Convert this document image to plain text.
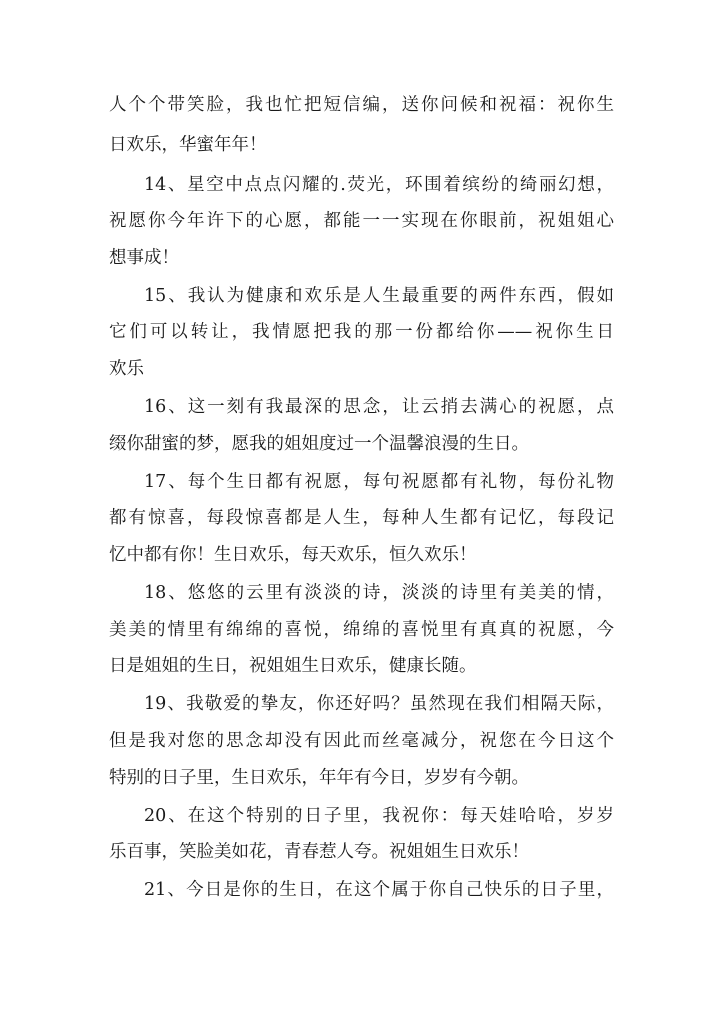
人个个带笑脸，我也忙把短信编，送你问候和祝福：祝你生
日欢乐，华蜜年年！
14、星空中点点闪耀的.荧光，环围着缤纷的绮丽幻想，
祝愿你今年许下的心愿，都能一一实现在你眼前，祝姐姐心
想事成！
15、我认为健康和欢乐是人生最重要的两件东西，假如
它们可以转让，我情愿把我的那一份都给你——祝你生日
欢乐
16、这一刻有我最深的思念，让云捎去满心的祝愿，点
缀你甜蜜的梦，愿我的姐姐度过一个温馨浪漫的生日。
17、每个生日都有祝愿，每句祝愿都有礼物，每份礼物
都有惊喜，每段惊喜都是人生，每种人生都有记忆，每段记
忆中都有你！生日欢乐，每天欢乐，恒久欢乐！
18、悠悠的云里有淡淡的诗，淡淡的诗里有美美的情，
美美的情里有绵绵的喜悦，绵绵的喜悦里有真真的祝愿，今
日是姐姐的生日，祝姐姐生日欢乐，健康长随。
19、我敬爱的挚友，你还好吗？虽然现在我们相隔天际，
但是我对您的思念却没有因此而丝毫减分，祝您在今日这个
特别的日子里，生日欢乐，年年有今日，岁岁有今朝。
20、在这个特别的日子里，我祝你：每天娃哈哈，岁岁
乐百事，笑脸美如花，青春惹人夸。祝姐姐生日欢乐！
21、今日是你的生日，在这个属于你自己快乐的日子里，
